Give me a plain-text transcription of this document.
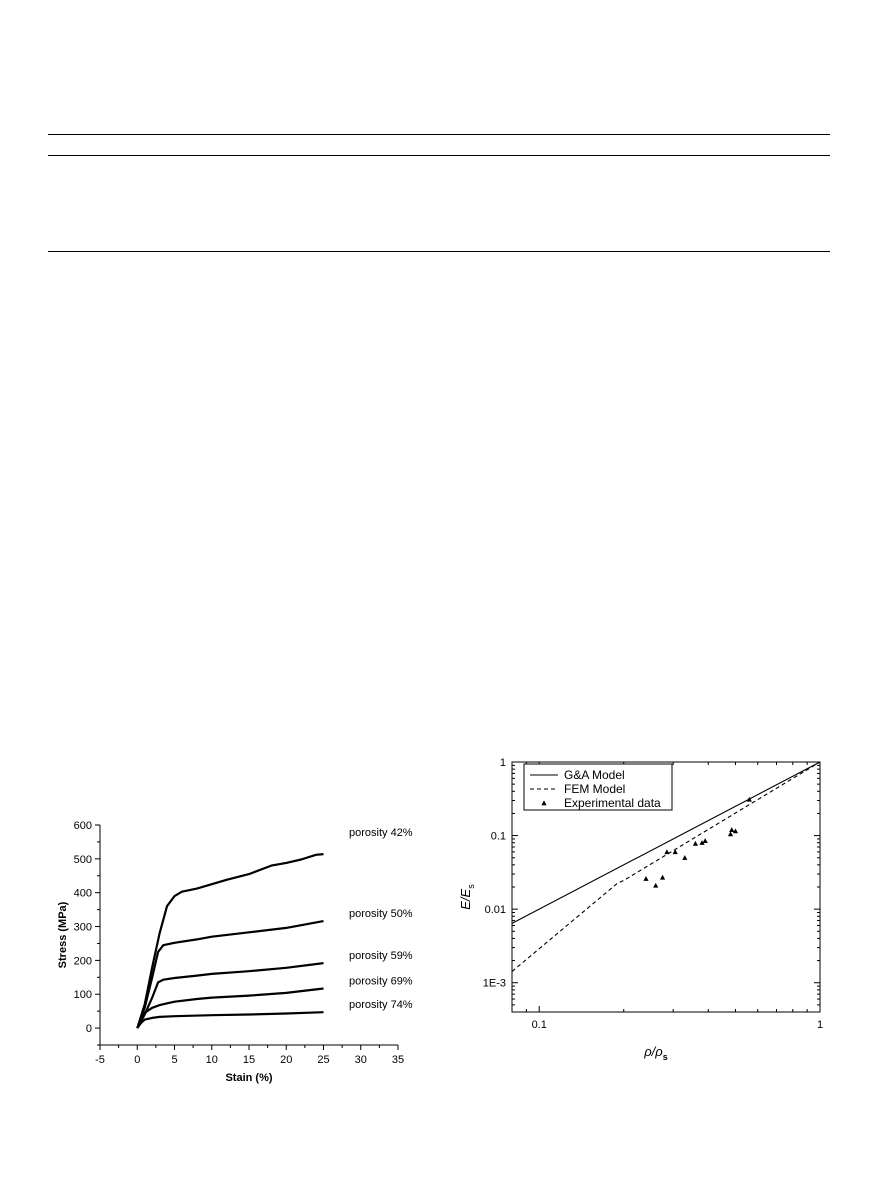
0
100
200
300
400
500
600
-5	0	5	10 15 20 25 30 35
Stain (%)
Stress (MPa)
porosity 42%
porosity 50%
porosity 59%
porosity 69%
porosity 74%
0.1	1
1
0.1
0.01
1E-3
$\rho/\rho_s$
$E/E_s$
G&A Model
FEM Model
Experimental data
